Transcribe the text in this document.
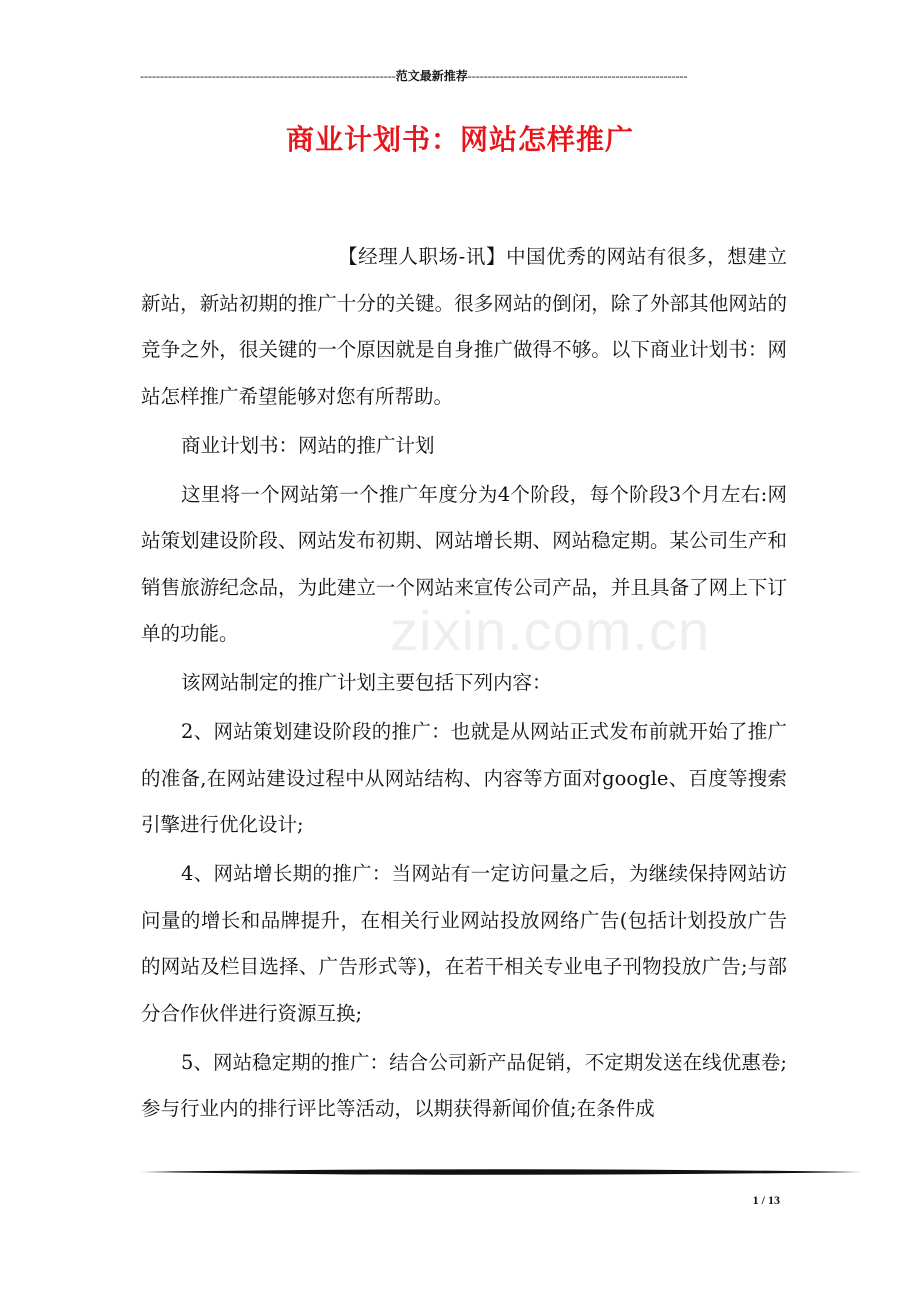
----------------------------------------------------------------范文最新推荐-------------------------------------------------------
商业计划书：网站怎样推广

【经理人职场-讯】中国优秀的网站有很多，想建立新站，新站初期的推广十分的关键。很多网站的倒闭，除了外部其他网站的竞争之外，很关键的一个原因就是自身推广做得不够。以下商业计划书：网站怎样推广希望能够对您有所帮助。

商业计划书：网站的推广计划

这里将一个网站第一个推广年度分为4个阶段，每个阶段3个月左右:网站策划建设阶段、网站发布初期、网站增长期、网站稳定期。某公司生产和销售旅游纪念品，为此建立一个网站来宣传公司产品，并且具备了网上下订单的功能。

该网站制定的推广计划主要包括下列内容：

2、网站策划建设阶段的推广：也就是从网站正式发布前就开始了推广的准备,在网站建设过程中从网站结构、内容等方面对google、百度等搜索引擎进行优化设计;

4、网站增长期的推广：当网站有一定访问量之后，为继续保持网站访问量的增长和品牌提升，在相关行业网站投放网络广告(包括计划投放广告的网站及栏目选择、广告形式等)，在若干相关专业电子刊物投放广告;与部分合作伙伴进行资源互换;

5、网站稳定期的推广：结合公司新产品促销，不定期发送在线优惠卷;参与行业内的排行评比等活动，以期获得新闻价值;在条件成

zixin.com.cn
1 / 13
